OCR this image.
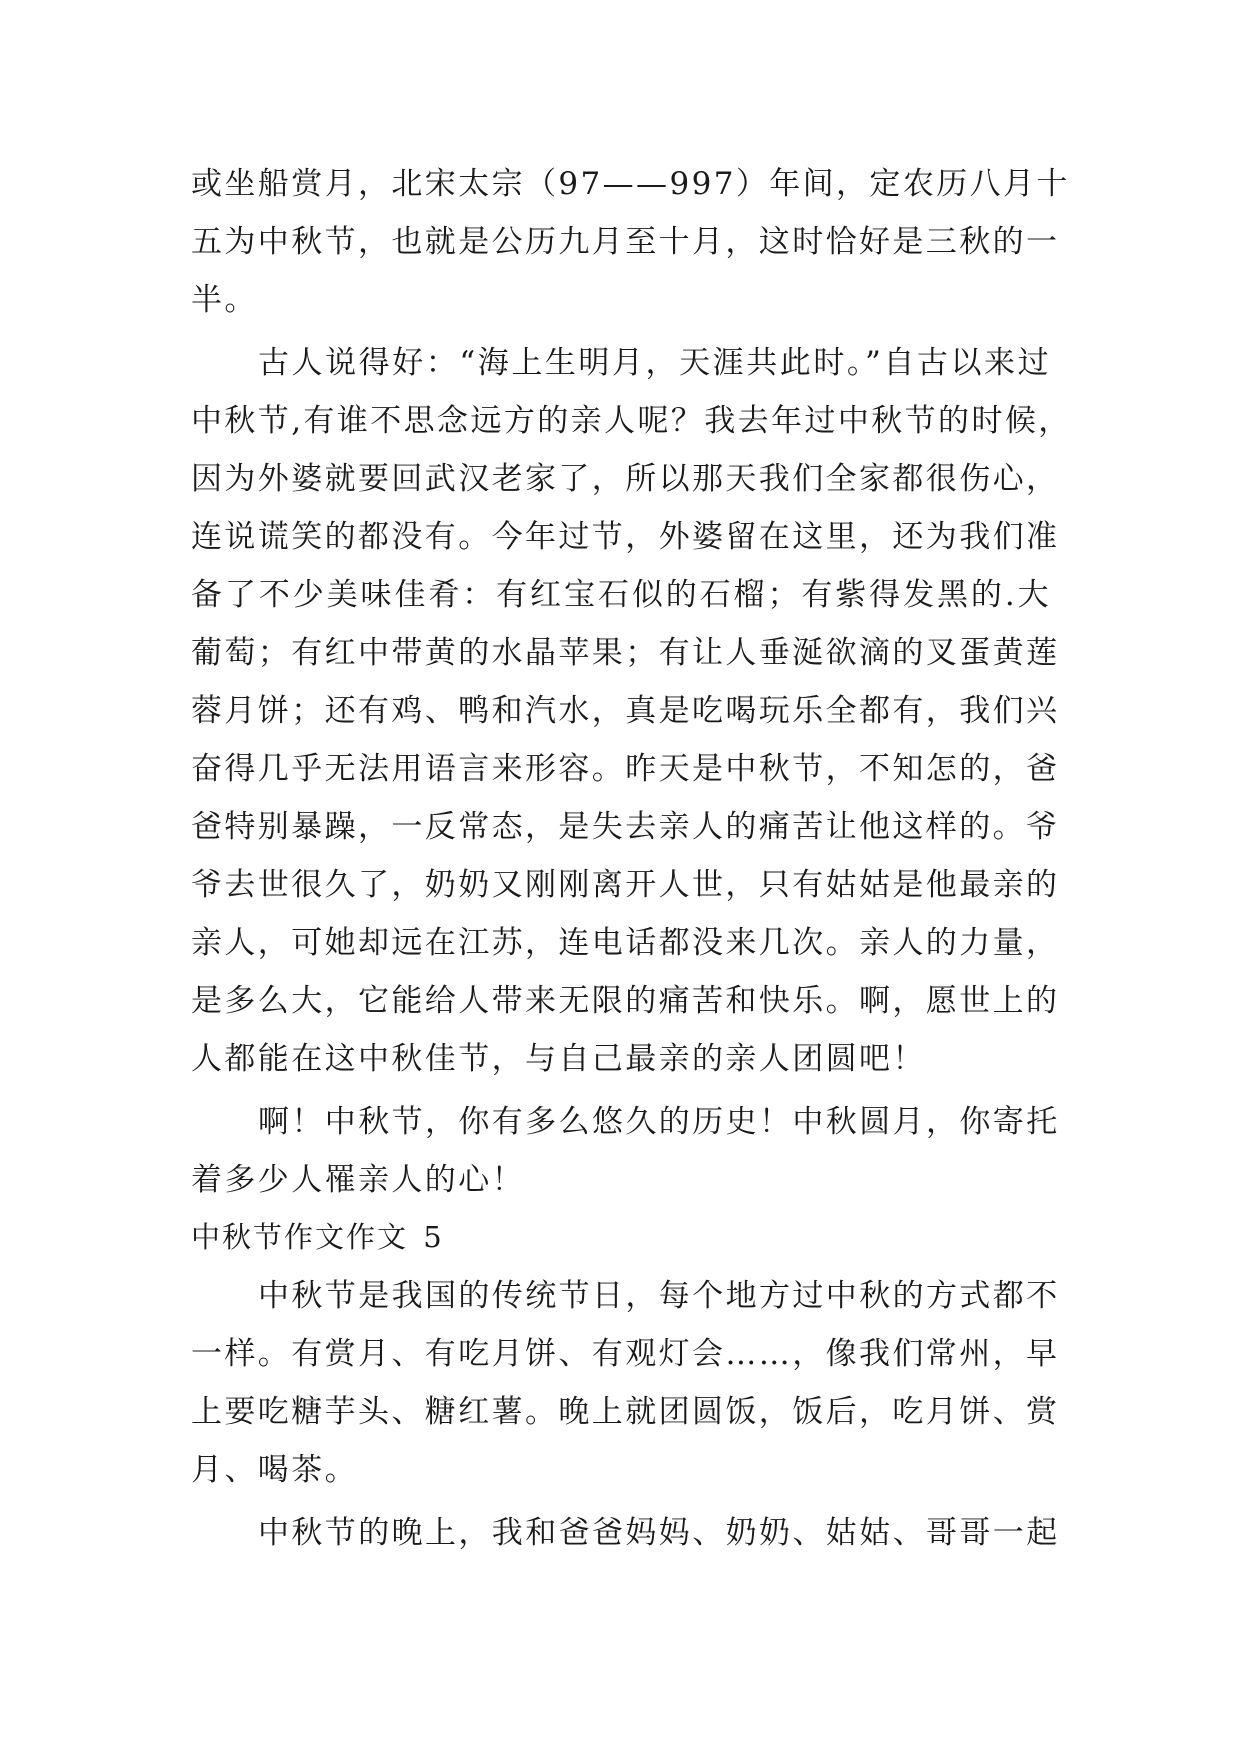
或坐船赏月，北宋太宗（97——997）年间，定农历八月十
五为中秋节，也就是公历九月至十月，这时恰好是三秋的一
半。
古人说得好：“海上生明月，天涯共此时。”自古以来过
中秋节,有谁不思念远方的亲人呢？我去年过中秋节的时候，
因为外婆就要回武汉老家了，所以那天我们全家都很伤心，
连说谎笑的都没有。今年过节，外婆留在这里，还为我们准
备了不少美味佳肴：有红宝石似的石榴；有紫得发黑的.大
葡萄；有红中带黄的水晶苹果；有让人垂涎欲滴的叉蛋黄莲
蓉月饼；还有鸡、鸭和汽水，真是吃喝玩乐全都有，我们兴
奋得几乎无法用语言来形容。昨天是中秋节，不知怎的，爸
爸特别暴躁，一反常态，是失去亲人的痛苦让他这样的。爷
爷去世很久了，奶奶又刚刚离开人世，只有姑姑是他最亲的
亲人，可她却远在江苏，连电话都没来几次。亲人的力量，
是多么大，它能给人带来无限的痛苦和快乐。啊，愿世上的
人都能在这中秋佳节，与自己最亲的亲人团圆吧！
啊！中秋节，你有多么悠久的历史！中秋圆月，你寄托
着多少人罹亲人的心！
中秋节作文作文 5
中秋节是我国的传统节日，每个地方过中秋的方式都不
一样。有赏月、有吃月饼、有观灯会……，像我们常州，早
上要吃糖芋头、糖红薯。晚上就团圆饭，饭后，吃月饼、赏
月、喝茶。
中秋节的晚上，我和爸爸妈妈、奶奶、姑姑、哥哥一起
